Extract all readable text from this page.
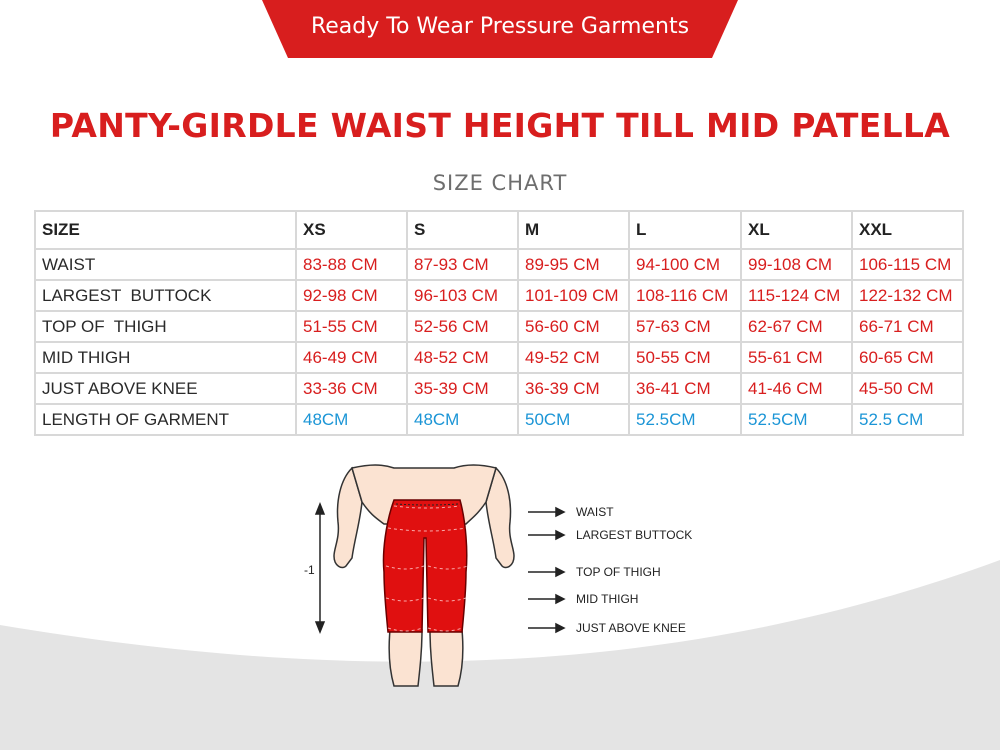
Ready To Wear Pressure Garments
PANTY-GIRDLE WAIST HEIGHT TILL MID PATELLA
SIZE CHART
SIZE	XS	S	M	L	XL	XXL
WAIST	83-88 CM	87-93 CM	89-95 CM	94-100 CM	99-108 CM	106-115 CM
LARGEST  BUTTOCK	92-98 CM	96-103 CM	101-109 CM	108-116 CM	115-124 CM	122-132 CM
TOP OF  THIGH	51-55 CM	52-56 CM	56-60 CM	57-63 CM	62-67 CM	66-71 CM
MID THIGH	46-49 CM	48-52 CM	49-52 CM	50-55 CM	55-61 CM	60-65 CM
JUST ABOVE KNEE	33-36 CM	35-39 CM	36-39 CM	36-41 CM	41-46 CM	45-50 CM
LENGTH OF GARMENT	48CM	48CM	50CM	52.5CM	52.5CM	52.5 CM
-1
WAIST
LARGEST BUTTOCK
TOP OF THIGH
MID THIGH
JUST ABOVE KNEE
